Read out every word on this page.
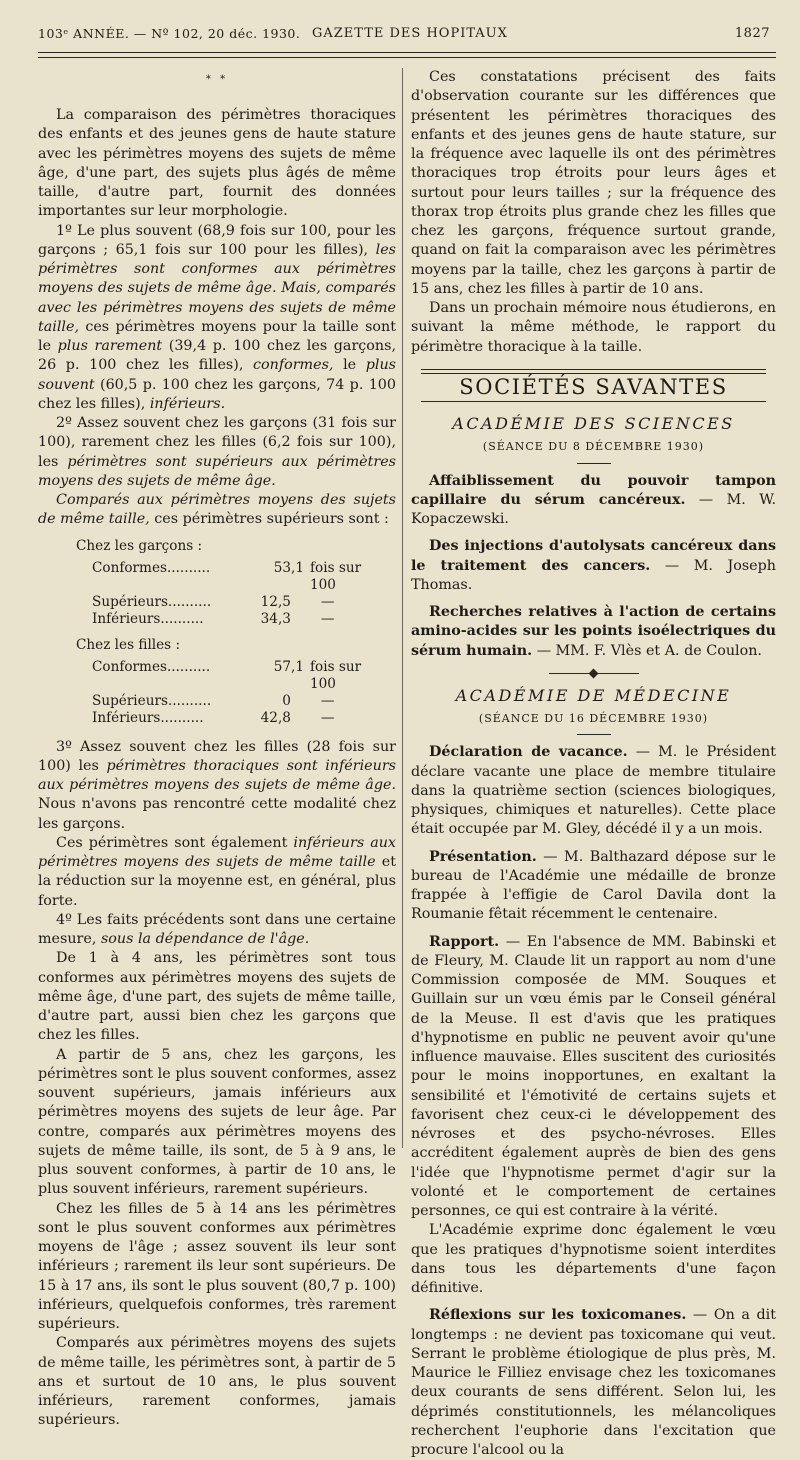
103ᵉ ANNÉE. — Nº 102, 20 déc. 1930. GAZETTE DES HOPITAUX	1827
* *

La comparaison des périmètres thoraciques des enfants et des jeunes gens de haute stature avec les périmètres moyens des sujets de même âge, d'une part, des sujets plus âgés de même taille, d'autre part, fournit des données importantes sur leur morphologie.

1º Le plus souvent (68,9 fois sur 100, pour les garçons ; 65,1 fois sur 100 pour les filles), les périmètres sont conformes aux périmètres moyens des sujets de même âge. Mais, comparés avec les périmètres moyens des sujets de même taille, ces périmètres moyens pour la taille sont le plus rarement (39,4 p. 100 chez les garçons, 26 p. 100 chez les filles), conformes, le plus souvent (60,5 p. 100 chez les garçons, 74 p. 100 chez les filles), inférieurs.

2º Assez souvent chez les garçons (31 fois sur 100), rarement chez les filles (6,2 fois sur 100), les périmètres sont supérieurs aux périmètres moyens des sujets de même âge.

Comparés aux périmètres moyens des sujets de même taille, ces périmètres supérieurs sont :

Chez les garçons :
Conformes..........	53,1 fois sur 100
Supérieurs..........	12,5	—
Inférieurs..........	34,3	—
Chez les filles :
Conformes..........	57,1 fois sur 100
Supérieurs..........	0	—
Inférieurs..........	42,8	—

3º Assez souvent chez les filles (28 fois sur 100) les périmètres thoraciques sont inférieurs aux périmètres moyens des sujets de même âge. Nous n'avons pas rencontré cette modalité chez les garçons.

Ces périmètres sont également inférieurs aux périmètres moyens des sujets de même taille et la réduction sur la moyenne est, en général, plus forte.

4º Les faits précédents sont dans une certaine mesure, sous la dépendance de l'âge.

De 1 à 4 ans, les périmètres sont tous conformes aux périmètres moyens des sujets de même âge, d'une part, des sujets de même taille, d'autre part, aussi bien chez les garçons que chez les filles.

A partir de 5 ans, chez les garçons, les périmètres sont le plus souvent conformes, assez souvent supérieurs, jamais inférieurs aux périmètres moyens des sujets de leur âge. Par contre, comparés aux périmètres moyens des sujets de même taille, ils sont, de 5 à 9 ans, le plus souvent conformes, à partir de 10 ans, le plus souvent inférieurs, rarement supérieurs.

Chez les filles de 5 à 14 ans les périmètres sont le plus souvent conformes aux périmètres moyens de l'âge ; assez souvent ils leur sont inférieurs ; rarement ils leur sont supérieurs. De 15 à 17 ans, ils sont le plus souvent (80,7 p. 100) inférieurs, quelquefois conformes, très rarement supérieurs.

Comparés aux périmètres moyens des sujets de même taille, les périmètres sont, à partir de 5 ans et surtout de 10 ans, le plus souvent inférieurs, rarement conformes, jamais supérieurs.

Ces constatations précisent des faits d'observation courante sur les différences que présentent les périmètres thoraciques des enfants et des jeunes gens de haute stature, sur la fréquence avec laquelle ils ont des périmètres thoraciques trop étroits pour leurs âges et surtout pour leurs tailles ; sur la fréquence des thorax trop étroits plus grande chez les filles que chez les garçons, fréquence surtout grande, quand on fait la comparaison avec les périmètres moyens par la taille, chez les garçons à partir de 15 ans, chez les filles à partir de 10 ans.

Dans un prochain mémoire nous étudierons, en suivant la même méthode, le rapport du périmètre thoracique à la taille.

SOCIÉTÉS SAVANTES
ACADÉMIE DES SCIENCES
(SÉANCE DU 8 DÉCEMBRE 1930)

Affaiblissement du pouvoir tampon capillaire du sérum cancéreux. — M. W. Kopaczewski.

Des injections d'autolysats cancéreux dans le traitement des cancers. — M. Joseph Thomas.

Recherches relatives à l'action de certains amino-acides sur les points isoélectriques du sérum humain. — MM. F. Vlès et A. de Coulon.

ACADÉMIE DE MÉDECINE
(SÉANCE DU 16 DÉCEMBRE 1930)

Déclaration de vacance. — M. le Président déclare vacante une place de membre titulaire dans la quatrième section (sciences biologiques, physiques, chimiques et naturelles). Cette place était occupée par M. Gley, décédé il y a un mois.

Présentation. — M. Balthazard dépose sur le bureau de l'Académie une médaille de bronze frappée à l'effigie de Carol Davila dont la Roumanie fêtait récemment le centenaire.

Rapport. — En l'absence de MM. Babinski et de Fleury, M. Claude lit un rapport au nom d'une Commission composée de MM. Souques et Guillain sur un vœu émis par le Conseil général de la Meuse. Il est d'avis que les pratiques d'hypnotisme en public ne peuvent avoir qu'une influence mauvaise. Elles suscitent des curiosités pour le moins inopportunes, en exaltant la sensibilité et l'émotivité de certains sujets et favorisent chez ceux-ci le développement des névroses et des psycho-névroses. Elles accréditent également auprès de bien des gens l'idée que l'hypnotisme permet d'agir sur la volonté et le comportement de certaines personnes, ce qui est contraire à la vérité.

L'Académie exprime donc également le vœu que les pratiques d'hypnotisme soient interdites dans tous les départements d'une façon définitive.

Réflexions sur les toxicomanes. — On a dit longtemps : ne devient pas toxicomane qui veut. Serrant le problème étiologique de plus près, M. Maurice le Filliez envisage chez les toxicomanes deux courants de sens différent. Selon lui, les déprimés constitutionnels, les mélancoliques recherchent l'euphorie dans l'excitation que procure l'alcool ou la
